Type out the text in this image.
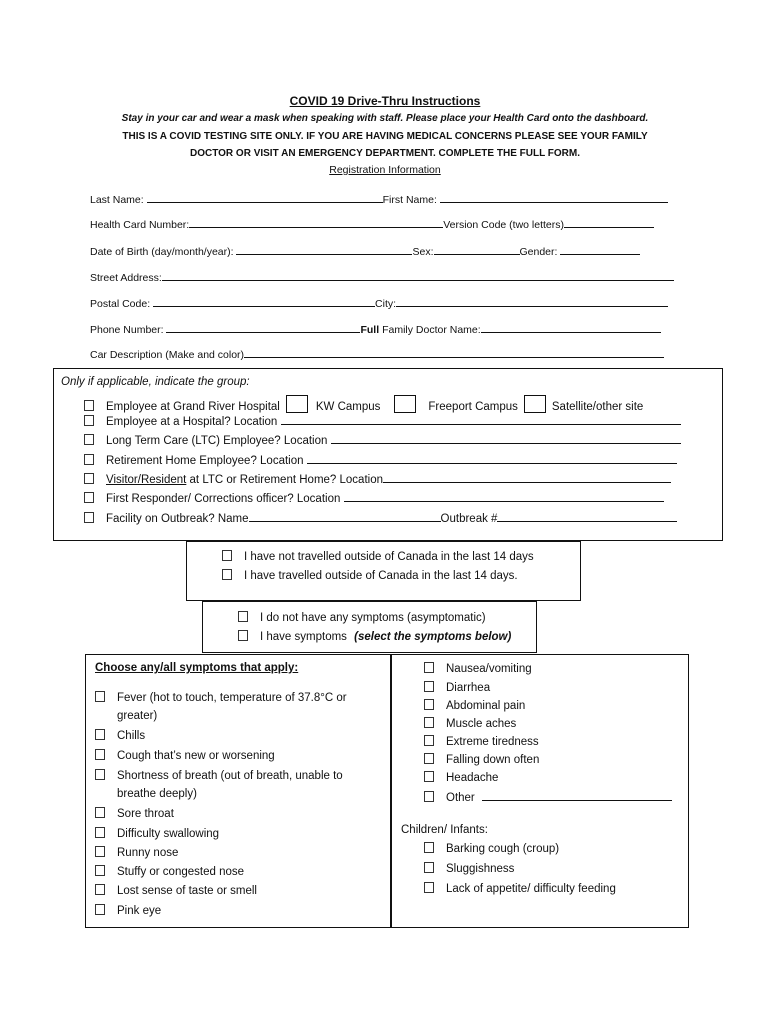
COVID 19 Drive-Thru Instructions
Stay in your car and wear a mask when speaking with staff. Please place your Health Card onto the dashboard.
THIS IS A COVID TESTING SITE ONLY. IF YOU ARE HAVING MEDICAL CONCERNS PLEASE SEE YOUR FAMILY
DOCTOR OR VISIT AN EMERGENCY DEPARTMENT. COMPLETE THE FULL FORM.
Registration Information
Last Name:	First Name:
Health Card Number:	Version Code (two letters)
Date of Birth (day/month/year):	Sex:	Gender:
Street Address:
Postal Code:	City:
Phone Number:	Full Family Doctor Name:
Car Description (Make and color)
Only if applicable, indicate the group:
Employee at Grand River Hospital	KW Campus	Freeport Campus	Satellite/other site
Employee at a Hospital? Location
Long Term Care (LTC) Employee? Location
Retirement Home Employee? Location
Visitor/Resident at LTC or Retirement Home? Location
First Responder/ Corrections officer? Location
Facility on Outbreak? Name	Outbreak #
I have not travelled outside of Canada in the last 14 days
I have travelled outside of Canada in the last 14 days.
I do not have any symptoms (asymptomatic)
I have symptoms (select the symptoms below)
Choose any/all symptoms that apply:
Fever (hot to touch, temperature of 37.8°C or
greater)
Chills
Cough that’s new or worsening
Shortness of breath (out of breath, unable to
breathe deeply)
Sore throat
Difficulty swallowing
Runny nose
Stuffy or congested nose
Lost sense of taste or smell
Pink eye
Nausea/vomiting
Diarrhea
Abdominal pain
Muscle aches
Extreme tiredness
Falling down often
Headache
Other
Children/ Infants:
Barking cough (croup)
Sluggishness
Lack of appetite/ difficulty feeding
